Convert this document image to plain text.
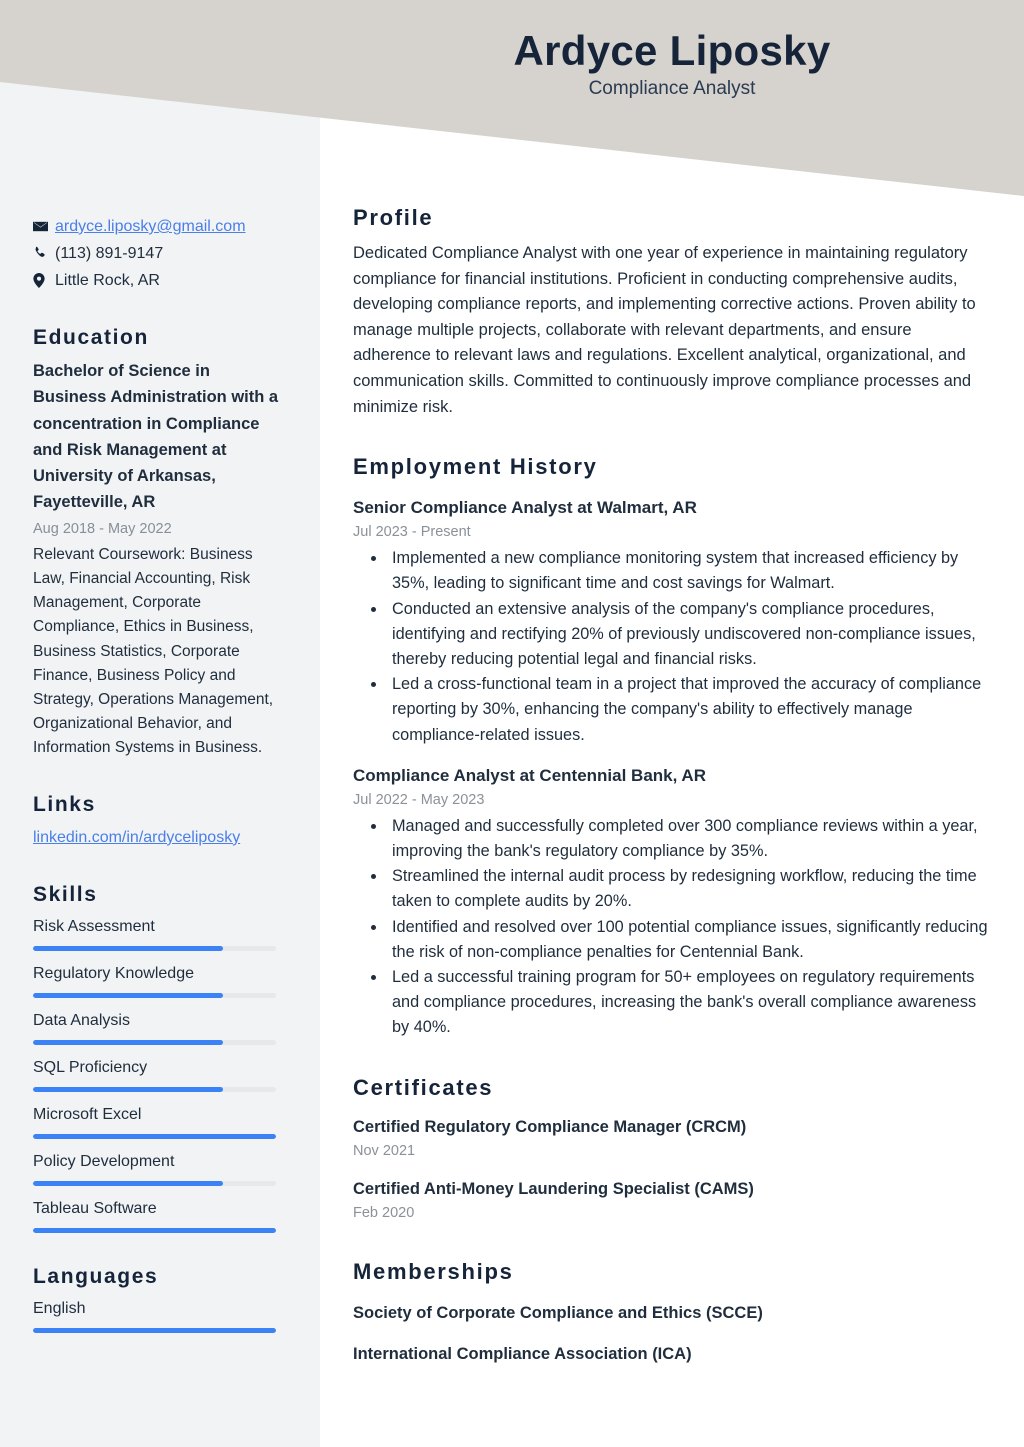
Ardyce Liposky
Compliance Analyst
ardyce.liposky@gmail.com
(113) 891-9147
Little Rock, AR
Education
Bachelor of Science in Business Administration with a concentration in Compliance and Risk Management at University of Arkansas, Fayetteville, AR
Aug 2018 - May 2022
Relevant Coursework: Business Law, Financial Accounting, Risk Management, Corporate Compliance, Ethics in Business, Business Statistics, Corporate Finance, Business Policy and Strategy, Operations Management, Organizational Behavior, and Information Systems in Business.
Links
linkedin.com/in/ardyceliposky
Skills
Risk Assessment
Regulatory Knowledge
Data Analysis
SQL Proficiency
Microsoft Excel
Policy Development
Tableau Software
Languages
English
Profile
Dedicated Compliance Analyst with one year of experience in maintaining regulatory compliance for financial institutions. Proficient in conducting comprehensive audits, developing compliance reports, and implementing corrective actions. Proven ability to manage multiple projects, collaborate with relevant departments, and ensure adherence to relevant laws and regulations. Excellent analytical, organizational, and communication skills. Committed to continuously improve compliance processes and minimize risk.
Employment History
Senior Compliance Analyst at Walmart, AR
Jul 2023 - Present
• Implemented a new compliance monitoring system that increased efficiency by 35%, leading to significant time and cost savings for Walmart.
• Conducted an extensive analysis of the company's compliance procedures, identifying and rectifying 20% of previously undiscovered non-compliance issues, thereby reducing potential legal and financial risks.
• Led a cross-functional team in a project that improved the accuracy of compliance reporting by 30%, enhancing the company's ability to effectively manage compliance-related issues.
Compliance Analyst at Centennial Bank, AR
Jul 2022 - May 2023
• Managed and successfully completed over 300 compliance reviews within a year, improving the bank's regulatory compliance by 35%.
• Streamlined the internal audit process by redesigning workflow, reducing the time taken to complete audits by 20%.
• Identified and resolved over 100 potential compliance issues, significantly reducing the risk of non-compliance penalties for Centennial Bank.
• Led a successful training program for 50+ employees on regulatory requirements and compliance procedures, increasing the bank's overall compliance awareness by 40%.
Certificates
Certified Regulatory Compliance Manager (CRCM)
Nov 2021
Certified Anti-Money Laundering Specialist (CAMS)
Feb 2020
Memberships
Society of Corporate Compliance and Ethics (SCCE)
International Compliance Association (ICA)
